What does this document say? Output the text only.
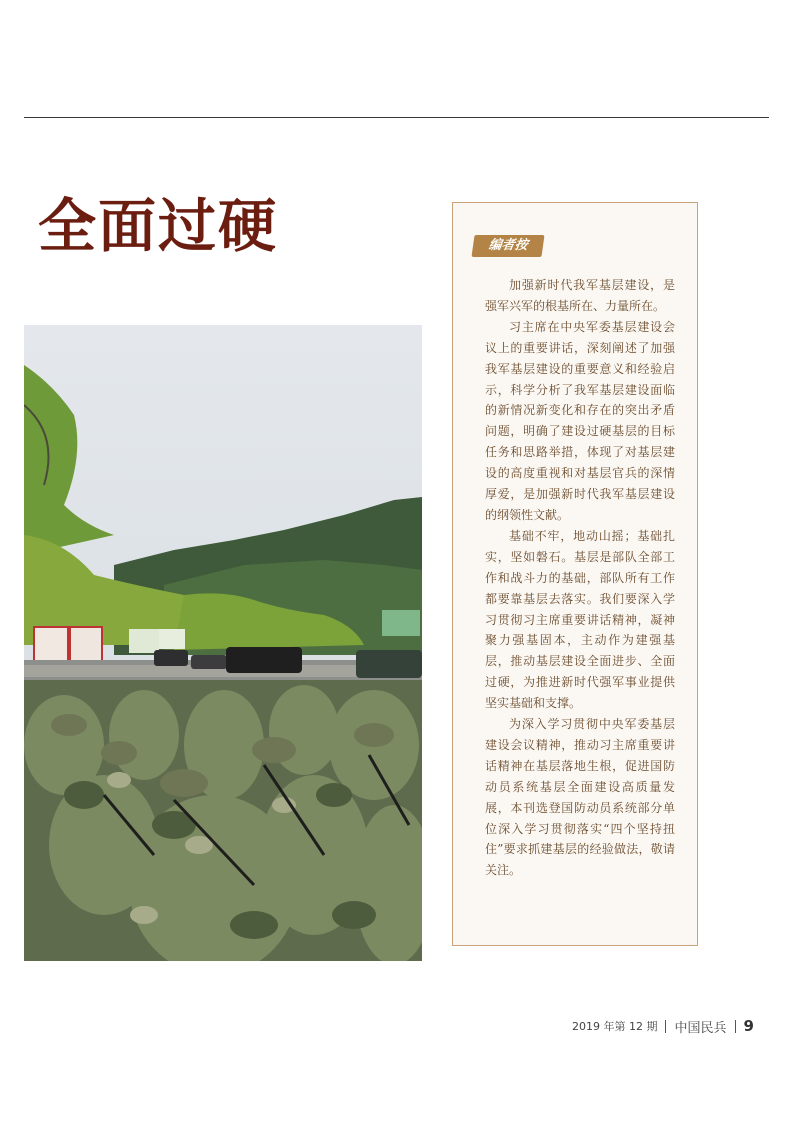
全面过硬	编者按

加强新时代我军基层建设，是强军兴军的根基所在、力量所在。

习主席在中央军委基层建设会议上的重要讲话，深刻阐述了加强我军基层建设的重要意义和经验启示，科学分析了我军基层建设面临的新情况新变化和存在的突出矛盾问题，明确了建设过硬基层的目标任务和思路举措，体现了对基层建设的高度重视和对基层官兵的深情厚爱，是加强新时代我军基层建设的纲领性文献。

基础不牢，地动山摇；基础扎实，坚如磐石。基层是部队全部工作和战斗力的基础，部队所有工作都要靠基层去落实。我们要深入学习贯彻习主席重要讲话精神，凝神聚力强基固本，主动作为建强基层，推动基层建设全面进步、全面过硬，为推进新时代强军事业提供坚实基础和支撑。

为深入学习贯彻中央军委基层建设会议精神，推动习主席重要讲话精神在基层落地生根，促进国防动员系统基层全面建设高质量发展，本刊选登国防动员系统部分单位深入学习贯彻落实“四个坚持扭住”要求抓建基层的经验做法，敬请关注。

2019 年第 12 期 中国民兵 9
